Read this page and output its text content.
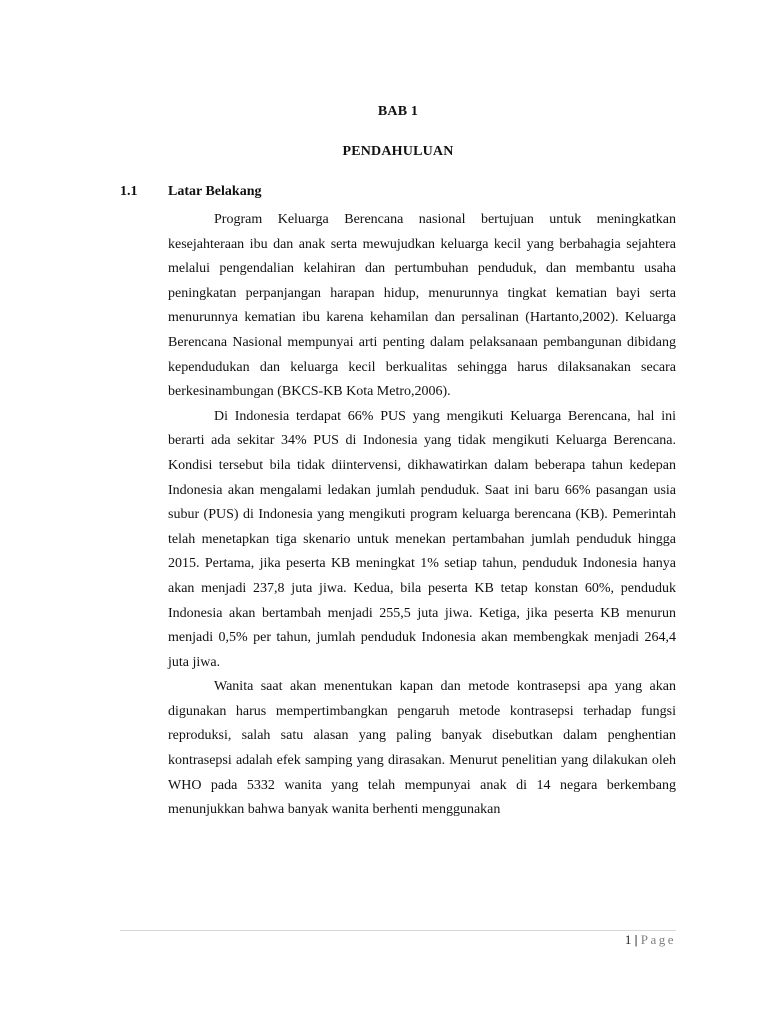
BAB 1
PENDAHULUAN
1.1 Latar Belakang

Program Keluarga Berencana nasional bertujuan untuk meningkatkan kesejahteraan ibu dan anak serta mewujudkan keluarga kecil yang berbahagia sejahtera melalui pengendalian kelahiran dan pertumbuhan penduduk, dan membantu usaha peningkatan perpanjangan harapan hidup, menurunnya tingkat kematian bayi serta menurunnya kematian ibu karena kehamilan dan persalinan (Hartanto,2002). Keluarga Berencana Nasional mempunyai arti penting dalam pelaksanaan pembangunan dibidang kependudukan dan keluarga kecil berkualitas sehingga harus dilaksanakan secara berkesinambungan (BKCS-KB Kota Metro,2006).

Di Indonesia terdapat 66% PUS yang mengikuti Keluarga Berencana, hal ini berarti ada sekitar 34% PUS di Indonesia yang tidak mengikuti Keluarga Berencana. Kondisi tersebut bila tidak diintervensi, dikhawatirkan dalam beberapa tahun kedepan Indonesia akan mengalami ledakan jumlah penduduk. Saat ini baru 66% pasangan usia subur (PUS) di Indonesia yang mengikuti program keluarga berencana (KB). Pemerintah telah menetapkan tiga skenario untuk menekan pertambahan jumlah penduduk hingga 2015. Pertama, jika peserta KB meningkat 1% setiap tahun, penduduk Indonesia hanya akan menjadi 237,8 juta jiwa. Kedua, bila peserta KB tetap konstan 60%, penduduk Indonesia akan bertambah menjadi 255,5 juta jiwa. Ketiga, jika peserta KB menurun menjadi 0,5% per tahun, jumlah penduduk Indonesia akan membengkak menjadi 264,4 juta jiwa.

Wanita saat akan menentukan kapan dan metode kontrasepsi apa yang akan digunakan harus mempertimbangkan pengaruh metode kontrasepsi terhadap fungsi reproduksi, salah satu alasan yang paling banyak disebutkan dalam penghentian kontrasepsi adalah efek samping yang dirasakan. Menurut penelitian yang dilakukan oleh WHO pada 5332 wanita yang telah mempunyai anak di 14 negara berkembang menunjukkan bahwa banyak wanita berhenti menggunakan

1 | Page
